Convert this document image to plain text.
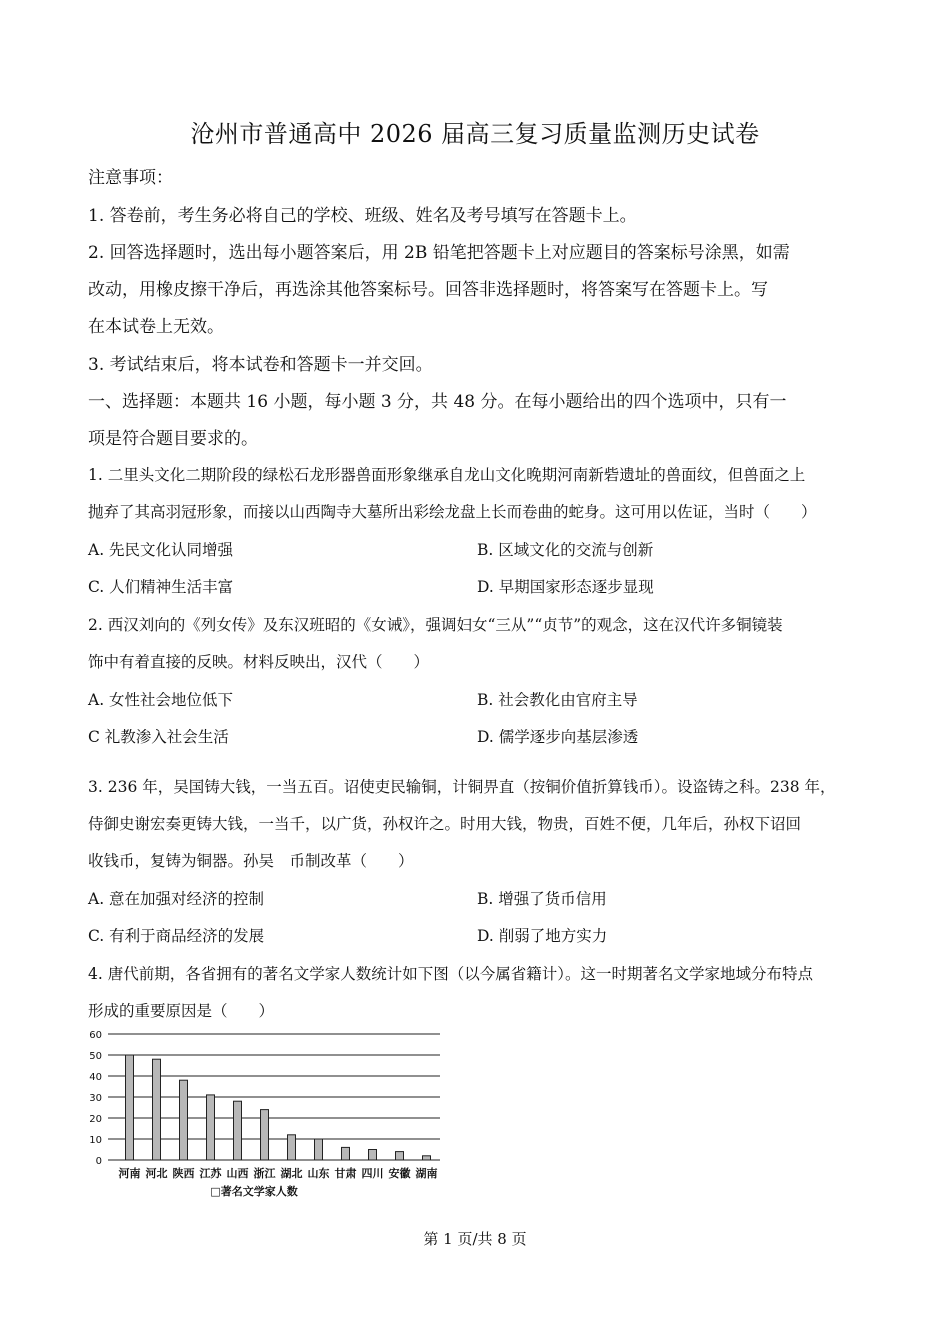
沧州市普通高中 2026 届高三复习质量监测历史试卷
注意事项：
1. 答卷前，考生务必将自己的学校、班级、姓名及考号填写在答题卡上。
2. 回答选择题时，选出每小题答案后，用 2B 铅笔把答题卡上对应题目的答案标号涂黑，如需
改动，用橡皮擦干净后，再选涂其他答案标号。回答非选择题时，将答案写在答题卡上。写
在本试卷上无效。
3. 考试结束后，将本试卷和答题卡一并交回。
一、选择题：本题共 16 小题，每小题 3 分，共 48 分。在每小题给出的四个选项中，只有一
项是符合题目要求的。
1. 二里头文化二期阶段的绿松石龙形器兽面形象继承自龙山文化晚期河南新砦遗址的兽面纹，但兽面之上
抛弃了其高羽冠形象，而接以山西陶寺大墓所出彩绘龙盘上长而卷曲的蛇身。这可用以佐证，当时（　　）
A. 先民文化认同增强	B. 区域文化的交流与创新
C. 人们精神生活丰富	D. 早期国家形态逐步显现
2. 西汉刘向的《列女传》及东汉班昭的《女诫》，强调妇女“三从”“贞节”的观念，这在汉代许多铜镜装
饰中有着直接的反映。材料反映出，汉代（　　）
A. 女性社会地位低下	B. 社会教化由官府主导
C 礼教渗入社会生活	D. 儒学逐步向基层渗透
3. 236 年，吴国铸大钱，一当五百。诏使吏民输铜，计铜畀直（按铜价值折算钱币）。设盗铸之科。238 年，
侍御史谢宏奏更铸大钱，一当千，以广货，孙权许之。时用大钱，物贵，百姓不便，几年后，孙权下诏回
收钱币，复铸为铜器。孙吴　币制改革（　　）
A. 意在加强对经济的控制	B. 增强了货币信用
C. 有利于商品经济的发展	D. 削弱了地方实力
4. 唐代前期，各省拥有的著名文学家人数统计如下图（以今属省籍计）。这一时期著名文学家地域分布特点
形成的重要原因是（　　）
0
10
20
30
40
50
60
河南 河北 陕西 江苏 山西 浙江 湖北 山东 甘肃 四川 安徽 湖南
□著名文学家人数
第 1 页/共 8 页
